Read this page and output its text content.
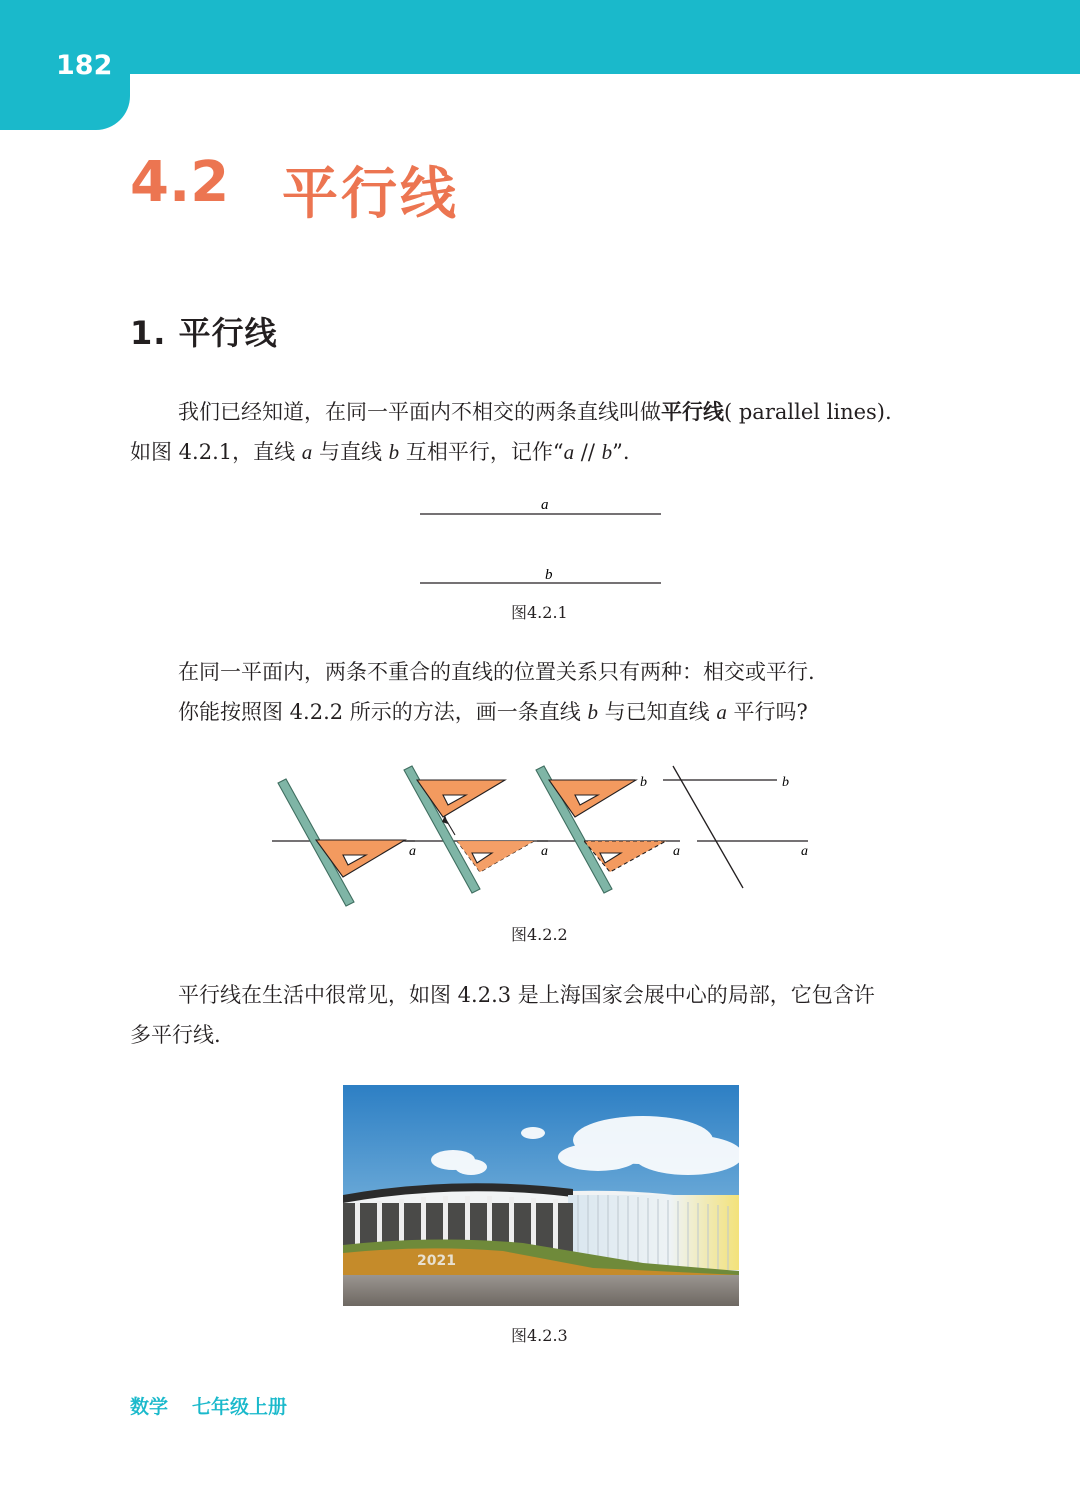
182
4.2 平行线
1. 平行线
我们已经知道，在同一平面内不相交的两条直线叫做平行线( parallel lines).
如图 4.2.1，直线 a 与直线 b 互相平行，记作“a // b”.
a
b
图4.2.1
在同一平面内，两条不重合的直线的位置关系只有两种：相交或平行.
你能按照图 4.2.2 所示的方法，画一条直线 b 与已知直线 a 平行吗?
a	a
b
a
b
a
图4.2.2
平行线在生活中很常见，如图 4.2.3 是上海国家会展中心的局部，它包含许
多平行线.
2021
图4.2.3
数学 七年级上册
